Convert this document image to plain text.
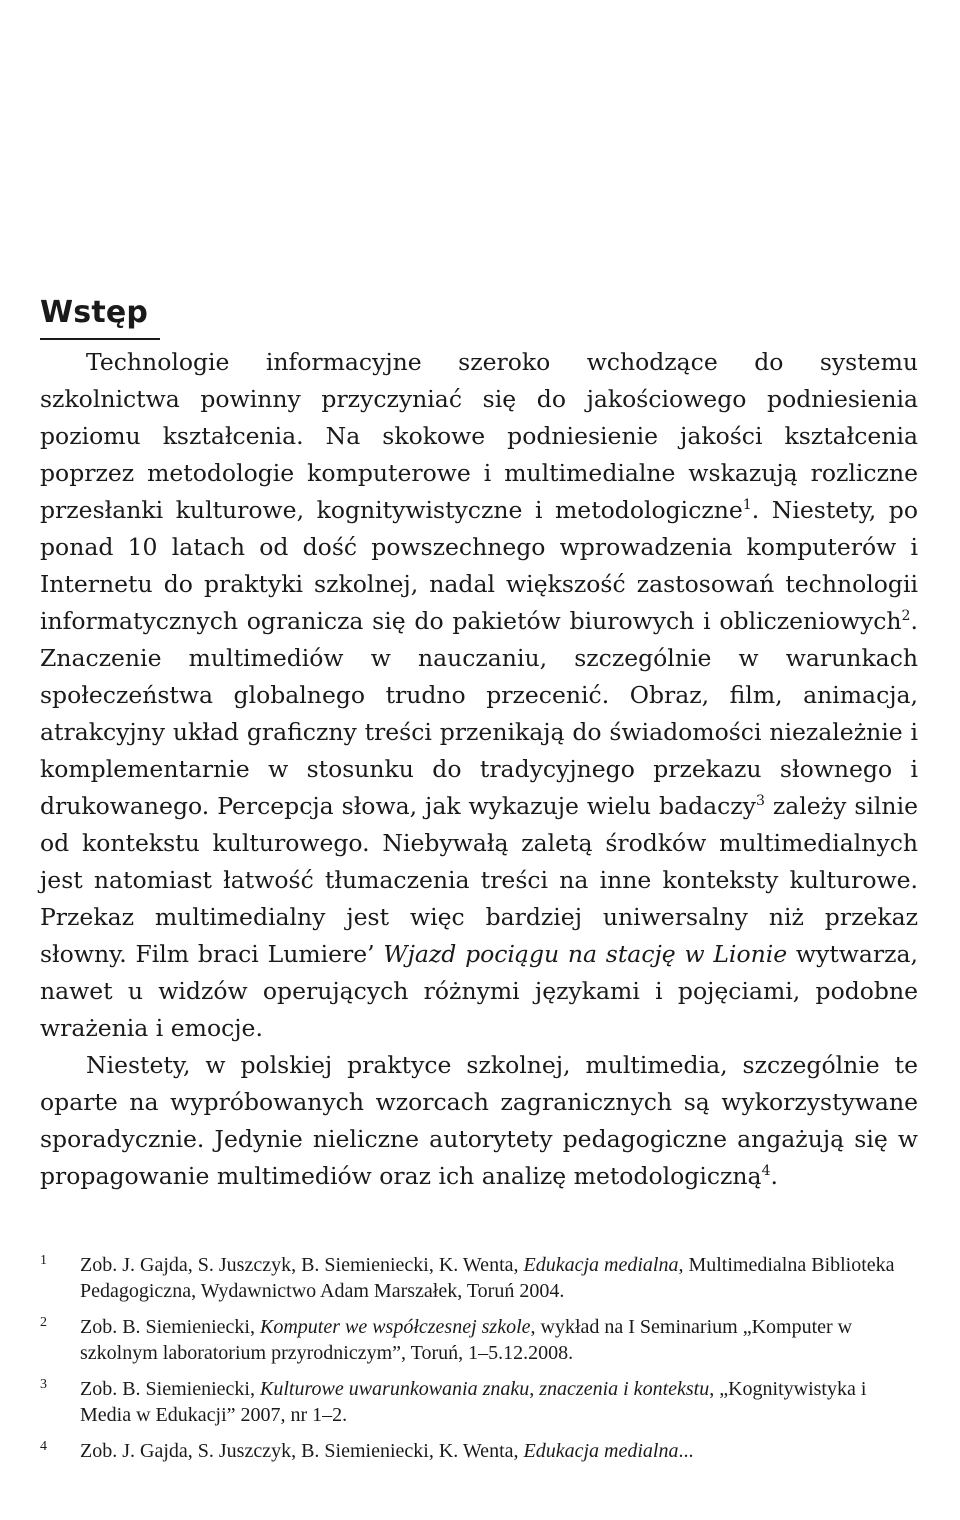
Wstęp

Technologie informacyjne szeroko wchodzące do systemu szkolnictwa powinny przyczyniać się do jakościowego podniesienia poziomu kształcenia. Na skokowe podniesienie jakości kształcenia poprzez metodologie komputerowe i multimedialne wskazują rozliczne przesłanki kulturowe, kognitywistyczne i metodologiczne$^1$. Niestety, po ponad 10 latach od dość powszechnego wprowadzenia komputerów i Internetu do praktyki szkolnej, nadal większość zastosowań technologii informatycznych ogranicza się do pakietów biurowych i obliczeniowych$^2$. Znaczenie multimediów w nauczaniu, szczególnie w warunkach społeczeństwa globalnego trudno przecenić. Obraz, film, animacja, atrakcyjny układ graficzny treści przenikają do świadomości niezależnie i komplementarnie w stosunku do tradycyjnego przekazu słownego i drukowanego. Percepcja słowa, jak wykazuje wielu badaczy$^3$ zależy silnie od kontekstu kulturowego. Niebywałą zaletą środków multimedialnych jest natomiast łatwość tłumaczenia treści na inne konteksty kulturowe. Przekaz multimedialny jest więc bardziej uniwersalny niż przekaz słowny. Film braci Lumiere’ Wjazd pociągu na stację w Lionie wytwarza, nawet u widzów operujących różnymi językami i pojęciami, podobne wrażenia i emocje.

Niestety, w polskiej praktyce szkolnej, multimedia, szczególnie te oparte na wypróbowanych wzorcach zagranicznych są wykorzystywane sporadycznie. Jedynie nieliczne autorytety pedagogiczne angażują się w propagowanie multimediów oraz ich analizę metodologiczną$^4$.

1 Zob. J. Gajda, S. Juszczyk, B. Siemieniecki, K. Wenta, Edukacja medialna, Multimedialna Biblioteka Pedagogiczna, Wydawnictwo Adam Marszałek, Toruń 2004.
2 Zob. B. Siemieniecki, Komputer we współczesnej szkole, wykład na I Seminarium „Komputer w szkolnym laboratorium przyrodniczym”, Toruń, 1–5.12.2008.
3 Zob. B. Siemieniecki, Kulturowe uwarunkowania znaku, znaczenia i kontekstu, „Kognitywistyka i Media w Edukacji” 2007, nr 1–2.
4 Zob. J. Gajda, S. Juszczyk, B. Siemieniecki, K. Wenta, Edukacja medialna...
